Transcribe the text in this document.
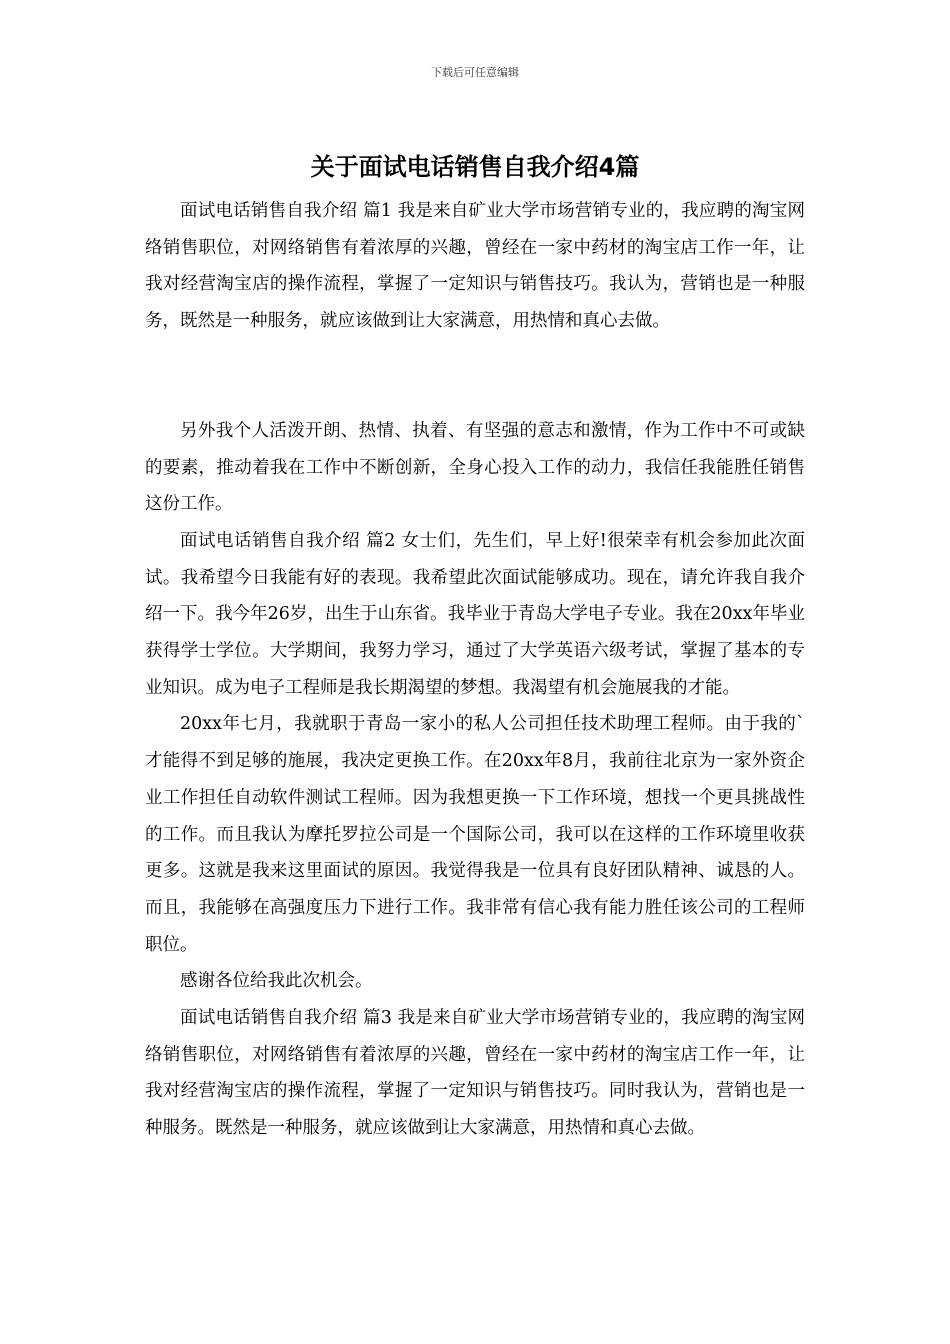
下载后可任意编辑
关于面试电话销售自我介绍4篇

面试电话销售自我介绍 篇1 我是来自矿业大学市场营销专业的，我应聘的淘宝网络销售职位，对网络销售有着浓厚的兴趣，曾经在一家中药材的淘宝店工作一年，让我对经营淘宝店的操作流程，掌握了一定知识与销售技巧。我认为，营销也是一种服务，既然是一种服务，就应该做到让大家满意，用热情和真心去做。

另外我个人活泼开朗、热情、执着、有坚强的意志和激情，作为工作中不可或缺的要素，推动着我在工作中不断创新，全身心投入工作的动力，我信任我能胜任销售这份工作。

面试电话销售自我介绍 篇2 女士们，先生们，早上好!很荣幸有机会参加此次面试。我希望今日我能有好的表现。我希望此次面试能够成功。现在，请允许我自我介绍一下。我今年26岁，出生于山东省。我毕业于青岛大学电子专业。我在20xx年毕业获得学士学位。大学期间，我努力学习，通过了大学英语六级考试，掌握了基本的专业知识。成为电子工程师是我长期渴望的梦想。我渴望有机会施展我的才能。

20xx年七月，我就职于青岛一家小的私人公司担任技术助理工程师。由于我的`才能得不到足够的施展，我决定更换工作。在20xx年8月，我前往北京为一家外资企业工作担任自动软件测试工程师。因为我想更换一下工作环境，想找一个更具挑战性的工作。而且我认为摩托罗拉公司是一个国际公司，我可以在这样的工作环境里收获更多。这就是我来这里面试的原因。我觉得我是一位具有良好团队精神、诚恳的人。而且，我能够在高强度压力下进行工作。我非常有信心我有能力胜任该公司的工程师职位。

感谢各位给我此次机会。

面试电话销售自我介绍 篇3 我是来自矿业大学市场营销专业的，我应聘的淘宝网络销售职位，对网络销售有着浓厚的兴趣，曾经在一家中药材的淘宝店工作一年，让我对经营淘宝店的操作流程，掌握了一定知识与销售技巧。同时我认为，营销也是一种服务。既然是一种服务，就应该做到让大家满意，用热情和真心去做。
